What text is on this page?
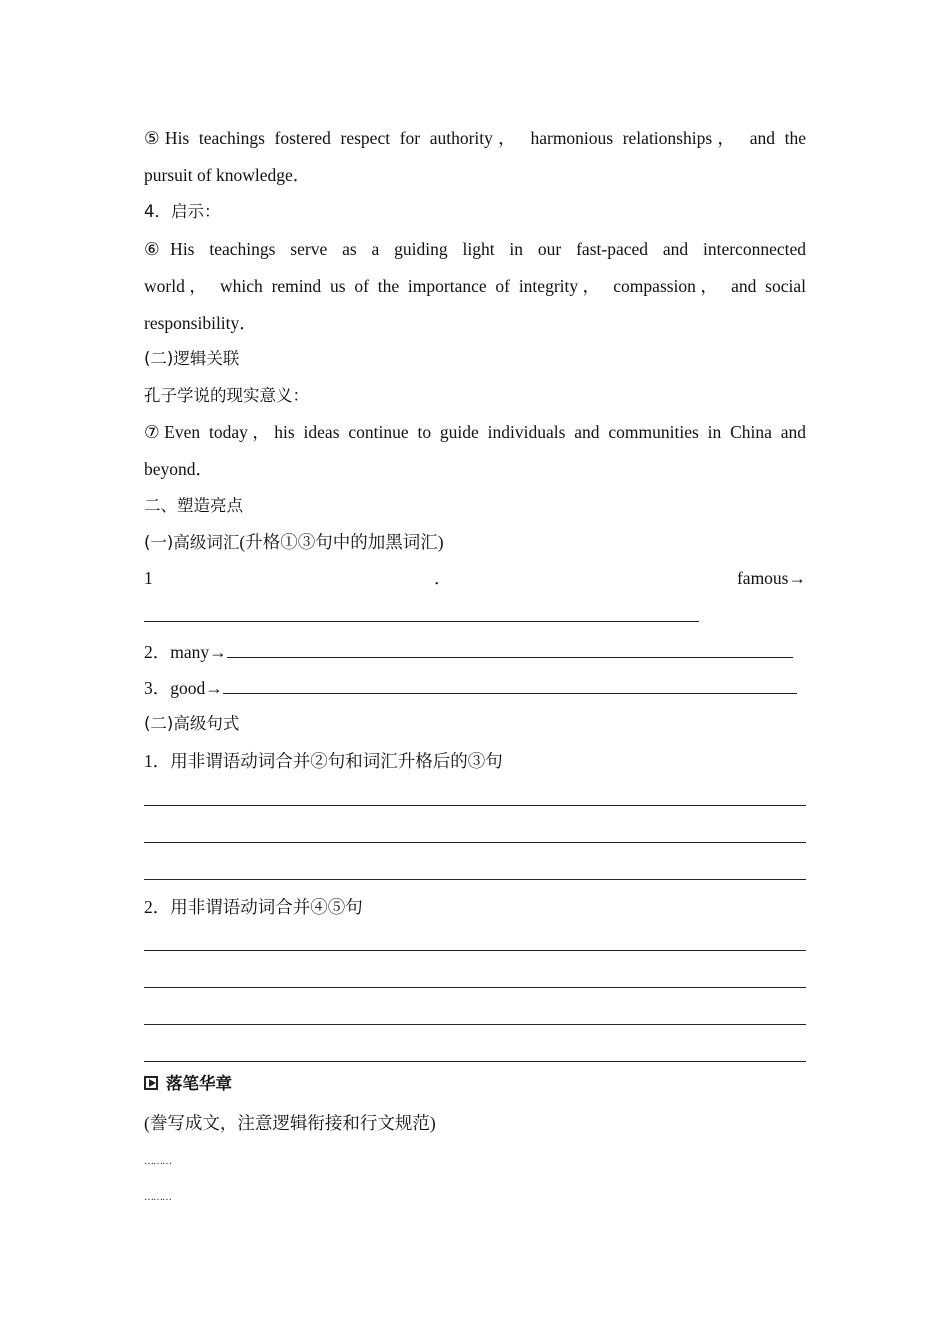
⑤His teachings fostered respect for authority， harmonious relationships， and the
pursuit of knowledge．
4．启示：
⑥His teachings serve as a guiding light in our fast-paced and interconnected
world， which remind us of the importance of integrity， compassion， and social
responsibility．
(二)逻辑关联
孔子学说的现实意义：
⑦Even today，his ideas continue to guide individuals and communities in China and
beyond．
二、塑造亮点
(一)高级词汇(升格①③句中的加黑词汇)
1	．	famous→
2．many→
3．good→
(二)高级句式
1．用非谓语动词合并②句和词汇升格后的③句
2．用非谓语动词合并④⑤句
落笔华章
(誊写成文，注意逻辑衔接和行文规范)
………
………
